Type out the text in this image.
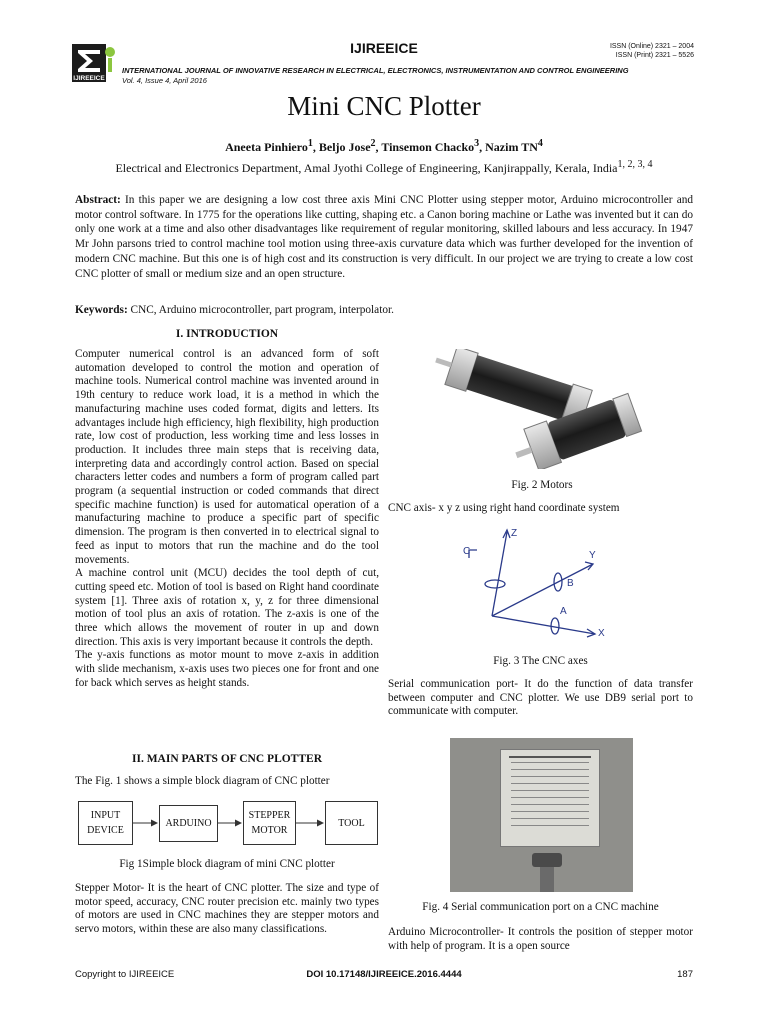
IJIREEICE
IJIREEICE	ISSN (Online) 2321 – 2004
ISSN (Print) 2321 – 5526
INTERNATIONAL JOURNAL OF INNOVATIVE RESEARCH IN ELECTRICAL, ELECTRONICS, INSTRUMENTATION AND CONTROL ENGINEERING
Vol. 4, Issue 4, April 2016
Mini CNC Plotter
Aneeta Pinhiero$^1$, Beljo Jose$^2$, Tinsemon Chacko$^3$, Nazim $TN^4$
Electrical and Electronics Department, Amal Jyothi College of Engineering, Kanjirappally, Kerala, India$^{1, 2, 3, 4}$
Abstract: In this paper we are designing a low cost three axis Mini CNC Plotter using stepper motor, Arduino microcontroller and motor control software. In 1775 for the operations like cutting, shaping etc. a Canon boring machine or Lathe was invented but it can do only one work at a time and also other disadvantages like requirement of regular monitoring, skilled labours and less accuracy. In 1947 Mr John parsons tried to control machine tool motion using three-axis curvature data which was further developed for the invention of modern CNC machine. But this one is of high cost and its construction is very difficult. In our project we are trying to create a low cost CNC plotter of small or medium size and an open structure.
Keywords: CNC, Arduino microcontroller, part program, interpolator.
I. INTRODUCTION
Computer numerical control is an advanced form of soft automation developed to control the motion and operation of machine tools. Numerical control machine was invented around in 19th century to reduce work load, it is a method in which the manufacturing machine uses coded format, digits and letters. Its advantages include high efficiency, high flexibility, high production rate, low cost of production, less working time and less losses in production. It includes three main steps that is receiving data, interpreting data and accordingly control action. Based on special characters letter codes and numbers a form of program called part program (a sequential instruction or coded commands that direct specific machine function) is used for automatical operation of a manufacturing machine to produce a specific part of specific dimension. The program is then converted in to electrical signal to feed as input to motors that run the machine and do the tool movements.
A machine control unit (MCU) decides the tool depth of cut, cutting speed etc. Motion of tool is based on Right hand coordinate system [1]. Three axis of rotation x, y, z for three dimensional motion of tool plus an axis of rotation. The z-axis is one of the three which allows the movement of router in up and down direction. This axis is very important because it controls the depth.
The y-axis functions as motor mount to move z-axis in addition with slide mechanism, x-axis uses two pieces one for front and one for back which serves as height stands.
II. MAIN PARTS OF CNC PLOTTER
The Fig. 1 shows a simple block diagram of CNC plotter
INPUT
DEVICE
ARDUINO
STEPPER
MOTOR
TOOL
Fig 1Simple block diagram of mini CNC plotter
Stepper Motor- It is the heart of CNC plotter. The size and type of motor speed, accuracy, CNC router precision etc. mainly two types of motors are used in CNC machines they are stepper motors and servo motors, within these are also many classifications.
Fig. 2 Motors
CNC axis- x y z using right hand coordinate system
Z
C	Y
B
A
X
Fig. 3 The CNC axes
Serial communication port- It do the function of data transfer between computer and CNC plotter. We use DB9 serial port to communicate with computer.
Fig. 4 Serial communication port on a CNC machine
Arduino Microcontroller- It controls the position of stepper motor with help of program. It is a open source
Copyright to IJIREEICE	DOI 10.17148/IJIREEICE.2016.4444	187
